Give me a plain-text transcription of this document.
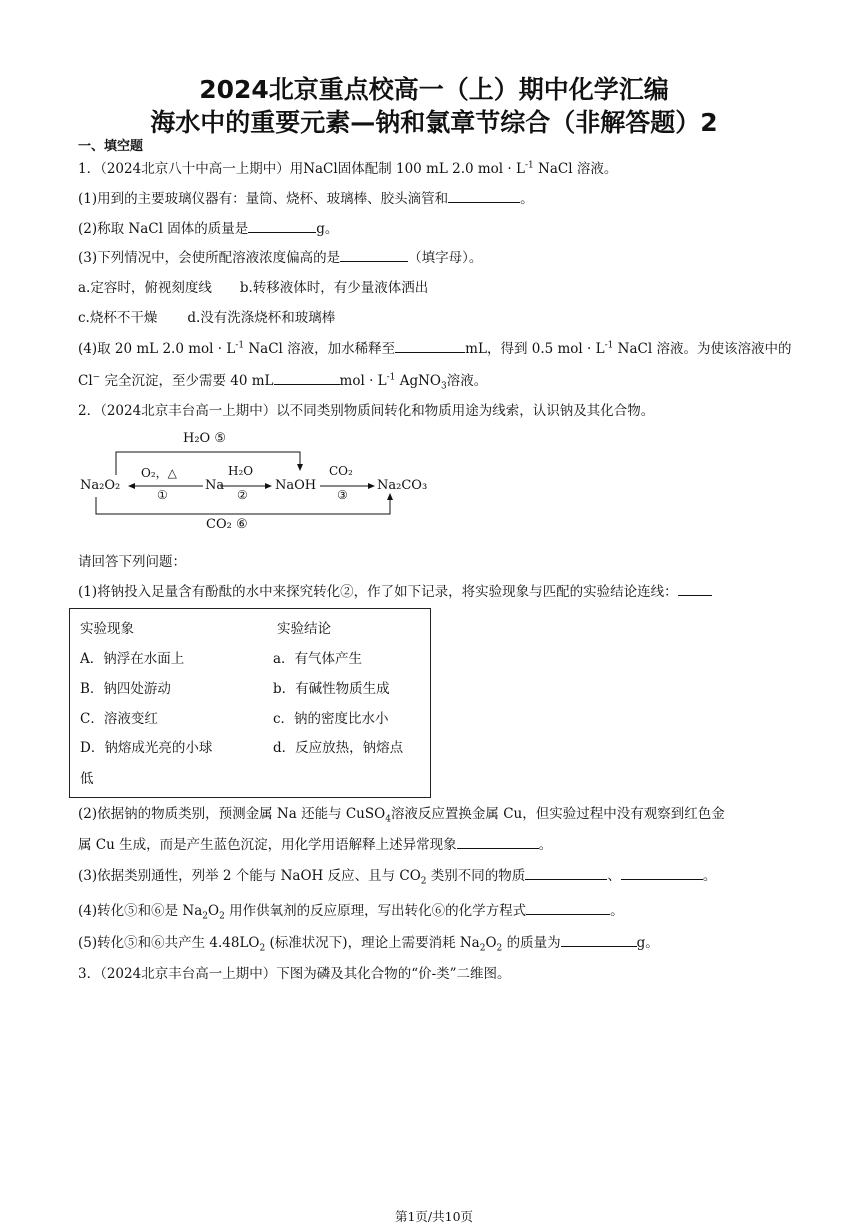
2024北京重点校高一（上）期中化学汇编
海水中的重要元素—钠和氯章节综合（非解答题）2
一、填空题
1．（2024北京八十中高一上期中）用NaCl固体配制 100 mL 2.0 mol · $L^{-1}$ NaCl 溶液。
(1)用到的主要玻璃仪器有：量筒、烧杯、玻璃棒、胶头滴管和	。
(2)称取 NaCl 固体的质量是	g。
(3)下列情况中，会使所配溶液浓度偏高的是	（填字母）。
a.定容时，俯视刻度线 b.转移液体时，有少量液体洒出
c.烧杯不干燥 d.没有洗涤烧杯和玻璃棒
(4)取 20 mL 2.0 mol · $L^{-1}$ NaCl 溶液，加水稀释至	mL，得到 0.5 mol · $L^{-1}$ NaCl 溶液。为使该溶液中的
Cl− 完全沉淀，至少需要 40 mL	mol · $L^{-1}$ AgNO$_3$溶液。
2．（2024北京丰台高一上期中）以不同类别物质间转化和物质用途为线索，认识钠及其化合物。
H₂O ⑤
Na₂O₂	Na	NaOH	Na₂CO₃
O₂，△
①
H₂O
②
CO₂
③
CO₂ ⑥
请回答下列问题：
(1)将钠投入足量含有酚酞的水中来探究转化②，作了如下记录，将实验现象与匹配的实验结论连线：
实验现象	实验结论
A．钠浮在水面上	a．有气体产生
B．钠四处游动	b．有碱性物质生成
C．溶液变红	c．钠的密度比水小
D．钠熔成光亮的小球	d．反应放热，钠熔点
低
(2)依据钠的物质类别，预测金属 Na 还能与 CuSO$_4$溶液反应置换金属 Cu，但实验过程中没有观察到红色金
属 Cu 生成，而是产生蓝色沉淀，用化学用语解释上述异常现象	。
(3)依据类别通性，列举 2 个能与 NaOH 反应、且与 $CO_2$ 类别不同的物质	、	。
(4)转化⑤和⑥是 $Na_2O_2$ 用作供氧剂的反应原理，写出转化⑥的化学方程式	。
(5)转化⑤和⑥共产生 $4.48LO_2$ (标准状况下)，理论上需要消耗 $Na_2O_2$ 的质量为	g。
3．（2024北京丰台高一上期中）下图为磷及其化合物的“价-类”二维图。
第1页/共10页
